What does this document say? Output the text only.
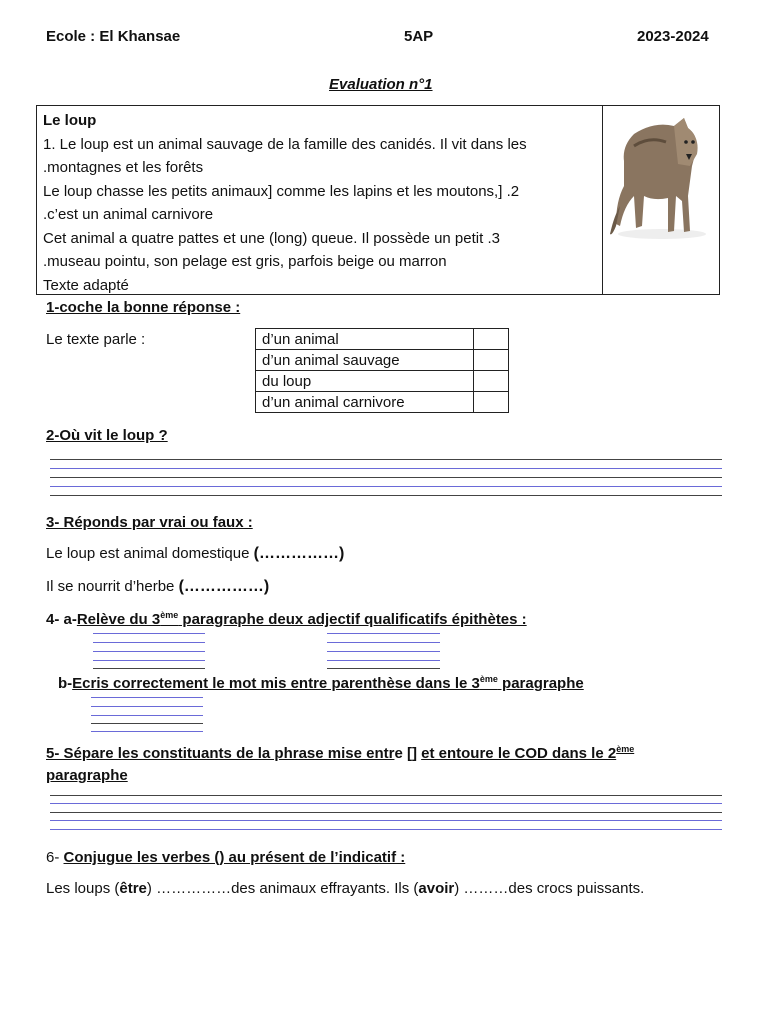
Ecole : El Khansae	5AP	2023-2024
Evaluation n°1
Le loup
1. Le loup est un animal sauvage de la famille des canidés. Il vit dans les
.montagnes et les forêts
Le loup chasse les petits animaux] comme les lapins et les moutons,] .2
.c’est un animal carnivore
Cet animal a quatre pattes et une (long) queue. Il possède un petit .3
.museau pointu, son pelage est gris, parfois beige ou marron
Texte adapté
1-coche la bonne réponse :
Le texte parle :	d’un animal	
d’un animal sauvage	
du loup	
d’un animal carnivore	
2-Où vit le loup ?
3- Réponds par vrai ou faux :
Le loup est animal domestique (……………)
Il se nourrit d’herbe (……………)
4- a-Relève du 3ème paragraphe deux adjectif qualificatifs épithètes :
b-Ecris correctement le mot mis entre parenthèse dans le 3ème paragraphe
5- Sépare les constituants de la phrase mise entre [] et entoure le COD dans le 2ème
paragraphe
6- Conjugue les verbes () au présent de l’indicatif :
Les loups (être) ……………des animaux effrayants. Ils (avoir) ………des crocs puissants.
